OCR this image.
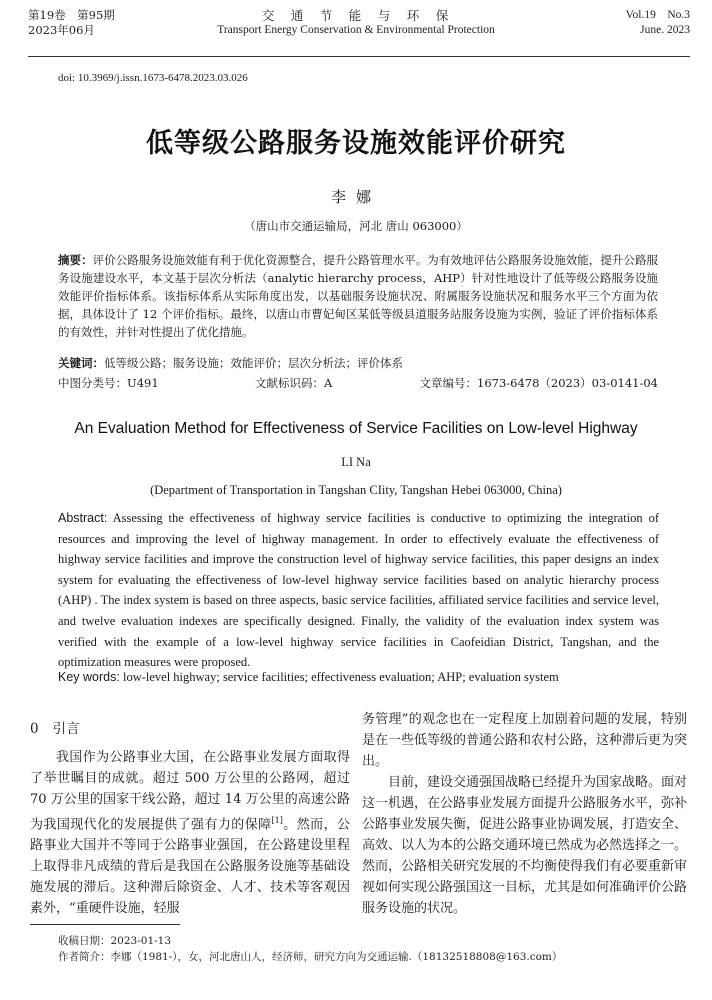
第19卷　第95期
2023年06月
交　通　节　能　与　环　保
Transport Energy Conservation & Environmental Protection
Vol.19　No.3
June. 2023
doi: 10.3969/j.issn.1673-6478.2023.03.026
低等级公路服务设施效能评价研究
李娜
（唐山市交通运输局，河北 唐山 063000）
摘要：评价公路服务设施效能有利于优化资源整合，提升公路管理水平。为有效地评估公路服务设施效能，提升公路服务设施建设水平，本文基于层次分析法（analytic hierarchy process，AHP）针对性地设计了低等级公路服务设施效能评价指标体系。该指标体系从实际角度出发，以基础服务设施状况、附属服务设施状况和服务水平三个方面为依据，具体设计了 12 个评价指标。最终，以唐山市曹妃甸区某低等级县道服务站服务设施为实例，验证了评价指标体系的有效性，并针对性提出了优化措施。
关键词：低等级公路；服务设施；效能评价；层次分析法；评价体系
中图分类号：U491	文献标识码：A	文章编号：1673-6478（2023）03-0141-04
An Evaluation Method for Effectiveness of Service Facilities on Low-level Highway
LI Na
(Department of Transportation in Tangshan CIity, Tangshan Hebei 063000, China)
Abstract: Assessing the effectiveness of highway service facilities is conductive to optimizing the integration of resources and improving the level of highway management. In order to effectively evaluate the effectiveness of highway service facilities and improve the construction level of highway service facilities, this paper designs an index system for evaluating the effectiveness of low-level highway service facilities based on analytic hierarchy process (AHP) . The index system is based on three aspects, basic service facilities, affiliated service facilities and service level, and twelve evaluation indexes are specifically designed. Finally, the validity of the evaluation index system was verified with the example of a low-level highway service facilities in Caofeidian District, Tangshan, and the optimization measures were proposed.
Key words: low-level highway; service facilities; effectiveness evaluation; AHP; evaluation system
0 引言

我国作为公路事业大国，在公路事业发展方面取得了举世瞩目的成就。超过 500 万公里的公路网，超过 70 万公里的国家干线公路，超过 14 万公里的高速公路为我国现代化的发展提供了强有力的保障[1]。然而，公路事业大国并不等同于公路事业强国，在公路建设里程上取得非凡成绩的背后是我国在公路服务设施等基础设施发展的滞后。这种滞后除资金、人才、技术等客观因素外，“重硬件设施，轻服

务管理”的观念也在一定程度上加剧着问题的发展，特别是在一些低等级的普通公路和农村公路，这种滞后更为突出。

目前，建设交通强国战略已经提升为国家战略。面对这一机遇，在公路事业发展方面提升公路服务水平，弥补公路事业发展失衡，促进公路事业协调发展，打造安全、高效、以人为本的公路交通环境已然成为必然选择之一。然而，公路相关研究发展的不均衡使得我们有必要重新审视如何实现公路强国这一目标，尤其是如何准确评价公路服务设施的状况。

收稿日期：2023-01-13
作者简介：李娜（1981-），女，河北唐山人，经济师，研究方向为交通运输.（18132518808@163.com）
